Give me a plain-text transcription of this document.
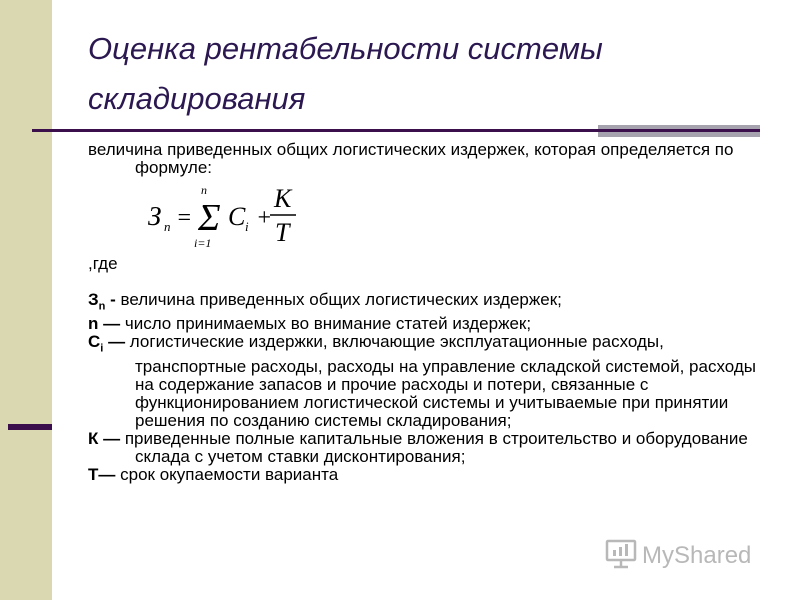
Оценка рентабельности системы складирования

величина приведенных общих логистических издержек, которая определяется по формуле:

З n =
n
Σ
i=1
C i +
K
T

,где

$З_n$ - величина приведенных общих логистических издержек;

n — число принимаемых во внимание статей издержек;

$C_i$ — логистические издержки, включающие эксплуатационные расходы, транспортные расходы, расходы на управление складской системой, расходы на содержание запасов и прочие расходы и потери, связанные с функционированием логистической системы и учитываемые при принятии решения по созданию системы складирования;

К — приведенные полные капитальные вложения в строительство и оборудование склада с учетом ставки дисконтирования;

Т— срок окупаемости варианта

MyShared
